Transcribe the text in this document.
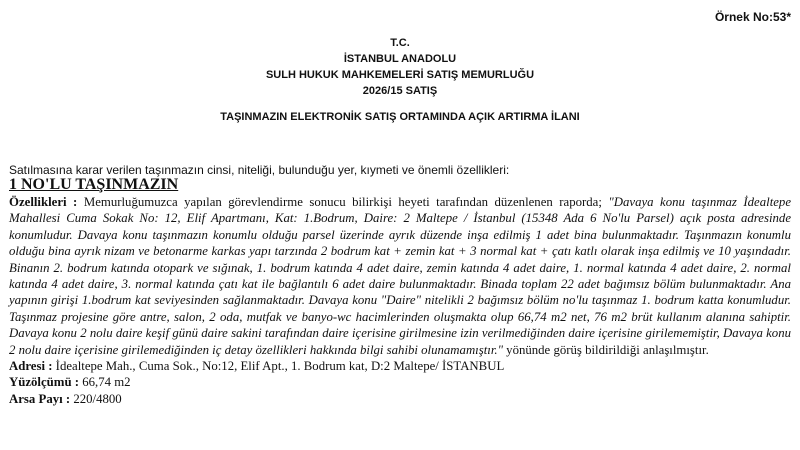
Örnek No:53*
T.C.
İSTANBUL ANADOLU
SULH HUKUK MAHKEMELERİ SATIŞ MEMURLUĞU
2026/15 SATIŞ
TAŞINMAZIN ELEKTRONİK SATIŞ ORTAMINDA AÇIK ARTIRMA İLANI
Satılmasına karar verilen taşınmazın cinsi, niteliği, bulunduğu yer, kıymeti ve önemli özellikleri:
1 NO'LU TAŞINMAZIN

Özellikleri : Memurluğumuzca yapılan görevlendirme sonucu bilirkişi heyeti tarafından düzenlenen raporda; "Davaya konu taşınmaz İdealtepe Mahallesi Cuma Sokak No: 12, Elif Apartmanı, Kat: 1.Bodrum, Daire: 2 Maltepe / İstanbul (15348 Ada 6 No'lu Parsel) açık posta adresinde konumludur. Davaya konu taşınmazın konumlu olduğu parsel üzerinde ayrık düzende inşa edilmiş 1 adet bina bulunmaktadır. Taşınmazın konumlu olduğu bina ayrık nizam ve betonarme karkas yapı tarzında 2 bodrum kat + zemin kat + 3 normal kat + çatı katlı olarak inşa edilmiş ve 10 yaşındadır. Binanın 2. bodrum katında otopark ve sığınak, 1. bodrum katında 4 adet daire, zemin katında 4 adet daire, 1. normal katında 4 adet daire, 2. normal katında 4 adet daire, 3. normal katında çatı kat ile bağlantılı 6 adet daire bulunmaktadır. Binada toplam 22 adet bağımsız bölüm bulunmaktadır. Ana yapının girişi 1.bodrum kat seviyesinden sağlanmaktadır. Davaya konu "Daire" nitelikli 2 bağımsız bölüm no'lu taşınmaz 1. bodrum katta konumludur. Taşınmaz projesine göre antre, salon, 2 oda, mutfak ve banyo-wc hacimlerinden oluşmakta olup 66,74 m2 net, 76 m2 brüt kullanım alanına sahiptir. Davaya konu 2 nolu daire keşif günü daire sakini tarafından daire içerisine girilmesine izin verilmediğinden daire içerisine girilememiştir, Davaya konu 2 nolu daire içerisine girilemediğinden iç detay özellikleri hakkında bilgi sahibi olunamamıştır." yönünde görüş bildirildiği anlaşılmıştır.

Adresi : İdealtepe Mah., Cuma Sok., No:12, Elif Apt., 1. Bodrum kat, D:2 Maltepe/ İSTANBUL

Yüzölçümü : 66,74 m2

Arsa Payı : 220/4800
